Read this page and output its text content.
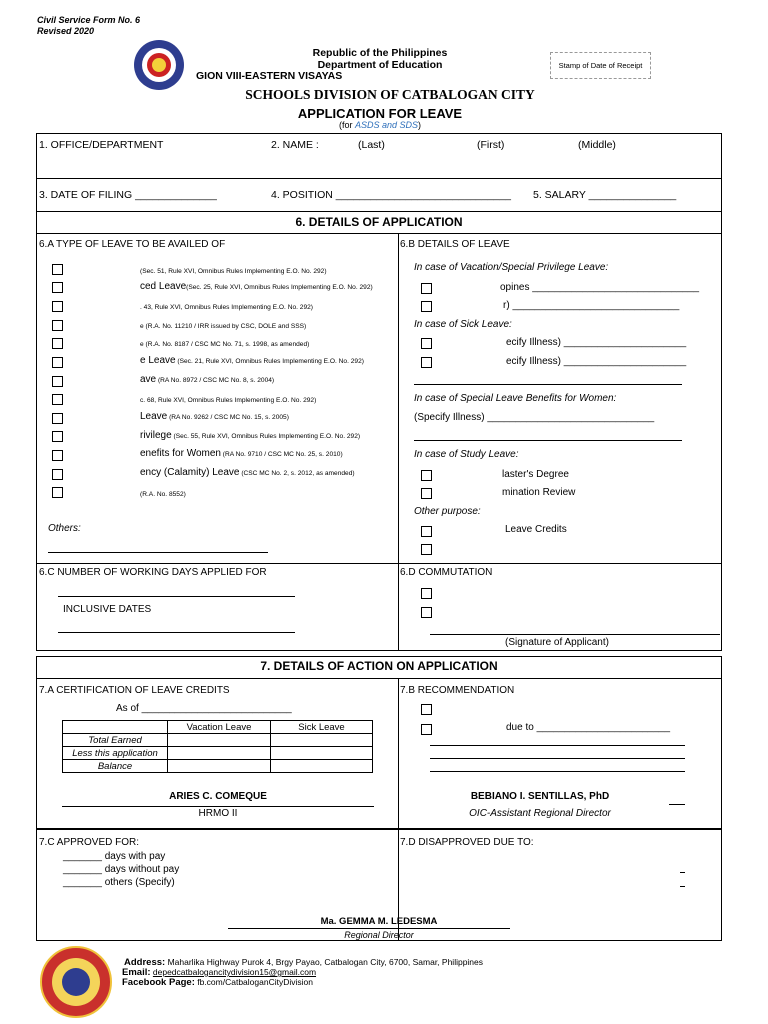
Civil Service Form No. 6
Revised 2020
Republic of the Philippines
Department of Education
GION VIII-EASTERN VISAYAS
SCHOOLS DIVISION OF CATBALOGAN CITY
APPLICATION FOR LEAVE
(for ASDS and SDS)
Stamp of Date of Receipt
1. OFFICE/DEPARTMENT	2. NAME :	(Last)	(First)	(Middle)
3. DATE OF FILING ______________	4. POSITION ______________________________ 5. SALARY _______________
6. DETAILS OF APPLICATION
6.A TYPE OF LEAVE TO BE AVAILED OF
(Sec. 51, Rule XVI, Omnibus Rules Implementing E.O. No. 292)
ced Leave(Sec. 25, Rule XVI, Omnibus Rules Implementing E.O. No. 292)
. 43, Rule XVI, Omnibus Rules Implementing E.O. No. 292)
e (R.A. No. 11210 / IRR issued by CSC, DOLE and SSS)
e (R.A. No. 8187 / CSC MC No. 71, s. 1998, as amended)
e Leave (Sec. 21, Rule XVI, Omnibus Rules Implementing E.O. No. 292)
ave (RA No. 8972 / CSC MC No. 8, s. 2004)
c. 68, Rule XVI, Omnibus Rules Implementing E.O. No. 292)
Leave (RA No. 9262 / CSC MC No. 15, s. 2005)
rivilege (Sec. 55, Rule XVI, Omnibus Rules Implementing E.O. No. 292)
enefits for Women (RA No. 9710 / CSC MC No. 25, s. 2010)
ency (Calamity) Leave (CSC MC No. 2, s. 2012, as amended)
(R.A. No. 8552)
Others:
6.B DETAILS OF LEAVE
In case of Vacation/Special Privilege Leave:
opines ______________________________
r) ______________________________
In case of Sick Leave:
ecify Illness) ______________________
ecify Illness) ______________________
In case of Special Leave Benefits for Women:
(Specify Illness) ______________________________
In case of Study Leave:
laster's Degree
mination Review
Other purpose:
Leave Credits
6.C NUMBER OF WORKING DAYS APPLIED FOR
INCLUSIVE DATES
6.D COMMUTATION
(Signature of Applicant)
7. DETAILS OF ACTION ON APPLICATION
7.A CERTIFICATION OF LEAVE CREDITS
As of ___________________________
	Vacation Leave	Sick Leave
Total Earned		
Less this application		
Balance		
ARIES C. COMEQUE
HRMO II
7.B RECOMMENDATION
due to ________________________
BEBIANO I. SENTILLAS, PhD
OIC-Assistant Regional Director
7.C APPROVED FOR:
_______ days with pay
_______ days without pay
_______ others (Specify)
7.D DISAPPROVED DUE TO:
Ma. GEMMA M. LEDESMA
Regional Director
Address: Maharlika Highway Purok 4, Brgy Payao, Catbalogan City, 6700, Samar, Philippines
Email: depedcatbalogancitydivision15@gmail.com
Facebook Page: fb.com/CatbaloganCityDivision
